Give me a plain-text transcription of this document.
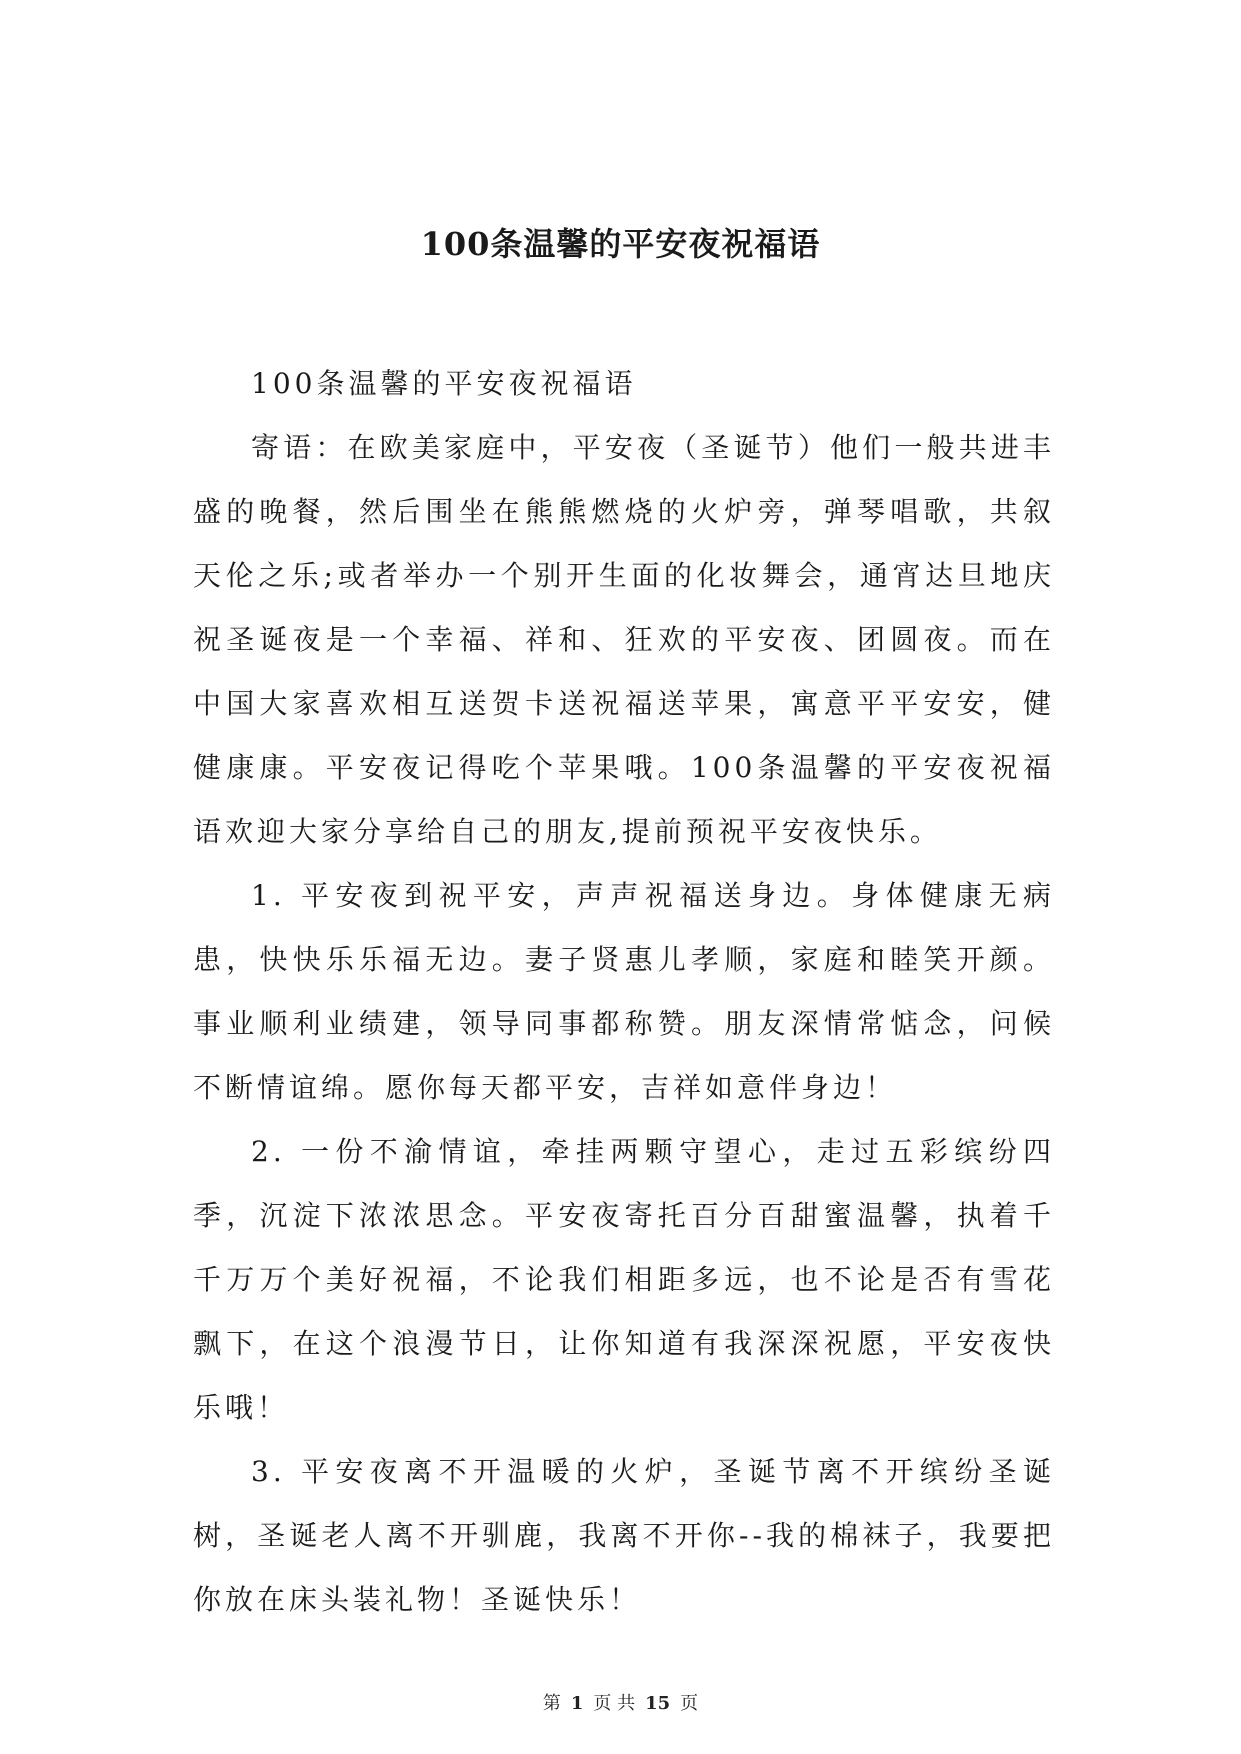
100条温馨的平安夜祝福语

100条温馨的平安夜祝福语

寄语：在欧美家庭中，平安夜（圣诞节）他们一般共进丰盛的晚餐，然后围坐在熊熊燃烧的火炉旁，弹琴唱歌，共叙天伦之乐;或者举办一个别开生面的化妆舞会，通宵达旦地庆祝圣诞夜是一个幸福、祥和、狂欢的平安夜、团圆夜。而在中国大家喜欢相互送贺卡送祝福送苹果，寓意平平安安，健健康康。平安夜记得吃个苹果哦。100条温馨的平安夜祝福语欢迎大家分享给自己的朋友,提前预祝平安夜快乐。

1. 平安夜到祝平安，声声祝福送身边。身体健康无病患，快快乐乐福无边。妻子贤惠儿孝顺，家庭和睦笑开颜。事业顺利业绩建，领导同事都称赞。朋友深情常惦念，问候不断情谊绵。愿你每天都平安，吉祥如意伴身边！

2. 一份不渝情谊，牵挂两颗守望心，走过五彩缤纷四季，沉淀下浓浓思念。平安夜寄托百分百甜蜜温馨，执着千千万万个美好祝福，不论我们相距多远，也不论是否有雪花飘下，在这个浪漫节日，让你知道有我深深祝愿，平安夜快乐哦！

3. 平安夜离不开温暖的火炉，圣诞节离不开缤纷圣诞树，圣诞老人离不开驯鹿，我离不开你--我的棉袜子，我要把你放在床头装礼物！圣诞快乐！

第 1 页 共 15 页
